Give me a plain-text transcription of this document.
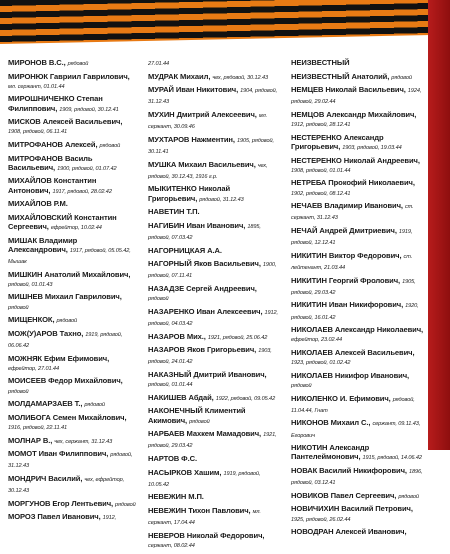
МИРОНОВ В.С., рядовой
МИРОНЮК Гавриил Гаврилович, мл. сержант, 01.01.44
МИРОШНИЧЕНКО Степан Филиппович, 1909, рядовой, 30.12.41
МИСКОВ Алексей Васильевич, 1908, рядовой, 06.11.41
МИТРОФАНОВ Алексей, рядовой
МИТРОФАНОВ Василь Васильевич, 1900, рядовой, 01.07.42
МИХАЙЛОВ Константин Антонович, 1917, рядовой, 28.02.42
МИХАЙЛОВ Р.М.
МИХАЙЛОВСКИЙ Константин Сергеевич, ефрейтор, 10.02.44
МИШАК Владимир Александрович, 1917, рядовой, 05.05.42, Мышак
МИШКИН Анатолий Михайлович, рядовой, 01.01.43
МИШНЕВ Михаил Гаврилович, рядовой
МИЩЕНКОК, рядовой
МОЖ(У)АРОВ Тахно, 1919, рядовой, 06.06.42
МОЖНЯК Ефим Ефимович, ефрейтор, 27.01.44
МОИСЕЕВ Федор Михайлович, рядовой
МОЛДАМАРЗАЕВ Т., рядовой
МОЛИБОГА Семен Михайлович, 1916, рядовой, 22.11.41
МОЛНАР В., чех, сержант, 31.12.43
МОМОТ Иван Филиппович, рядовой, 31.12.43
МОНДРИЧ Василий, чех, ефрейтор, 30.12.43
МОРГУНОВ Егор Лентьевич, рядовой
МОРОЗ Павел Иванович, 1912,
27.01.44
МУДРАК Михаил, чех, рядовой, 30.12.43
МУРАЙ Иван Никитович, 1904, рядовой, 31.12.43
МУХИН Дмитрий Алексеевич, мл. сержант, 30.09.46
МУХТАРОВ Нажментин, 1905, рядовой, 30.11.41
МУШКА Михаил Васильевич, чех, рядовой, 30.12.43, 1916 г.р.
МЫКИТЕНКО Николай Григорьевич, рядовой, 31.12.43
НАВЕТИН Т.П.
НАГИБИН Иван Иванович, 1895, рядовой, 07.03.42
НАГОРНИЦКАЯ А.А.
НАГОРНЫЙ Яков Васильевич, 1900, рядовой, 07.11.41
НАЗАДЗЕ Сергей Андреевич, рядовой
НАЗАРЕНКО Иван Алексеевич, 1912, рядовой, 04.03.42
НАЗАРОВ Мих., 1921, рядовой, 25.06.42
НАЗАРОВ Яков Григорьевич, 1903, рядовой, 24.01.42
НАКАЗНЫЙ Дмитрий Иванович, рядовой, 01.01.44
НАКИШЕВ Абдай, 1922, рядовой, 09.05.42
НАКОНЕЧНЫЙ Климентий Акимович, рядовой
НАРБАЕВ Махкем Мамадович, 1921, рядовой, 29.03.42
НАРТОВ Ф.С.
НАСЫРКОВ Хашим, 1919, рядовой, 10.05.42
НЕВЕЖИН М.П.
НЕВЕЖИН Тихон Павлович, мл. сержант, 17.04.44
НЕВЕРОВ Николай Федорович, сержант, 08.02.44
НЕИЗВЕСТНЫЙ
НЕИЗВЕСТНЫЙ Анатолий, рядовой
НЕМЦЕВ Николай Васильевич, 1924, рядовой, 29.02.44
НЕМЦОВ Александр Михайлович, 1912, рядовой, 28.12.41
НЕСТЕРЕНКО Александр Григорьевич, 1903, рядовой, 19.03.44
НЕСТЕРЕНКО Николай Андреевич, 1908, рядовой, 01.01.44
НЕТРЕБА Прокофий Николаевич, 1902, рядовой, 08.12.41
НЕЧАЕВ Владимир Иванович, ст. сержант, 31.12.43
НЕЧАЙ Андрей Дмитриевич, 1919, рядовой, 12.12.41
НИКИТИН Виктор Федорович, ст. лейтенант, 21.03.44
НИКИТИН Георгий Фролович, 1905, рядовой, 29.03.42
НИКИТИН Иван Никифорович, 1920, рядовой, 16.01.42
НИКОЛАЕВ Александр Николаевич, ефрейтор, 23.02.44
НИКОЛАЕВ Алексей Васильевич, 1923, рядовой, 01.02.42
НИКОЛАЕВ Никифор Иванович, рядовой
НИКОЛЕНКО И. Ефимович, рядовой, 11.04.44, Гнат
НИКОНОВ Михаил С., сержант, 09.11.43, Егорович
НИКОТИН Александр Пантелеймонович, 1915, рядовой, 14.06.42
НОВАК Василий Никифорович, 1896, рядовой, 03.12.41
НОВИКОВ Павел Сергеевич, рядовой
НОВИЧИХИН Василий Петрович, 1925, рядовой, 26.02.44
НОВОДРАН Алексей Иванович,
